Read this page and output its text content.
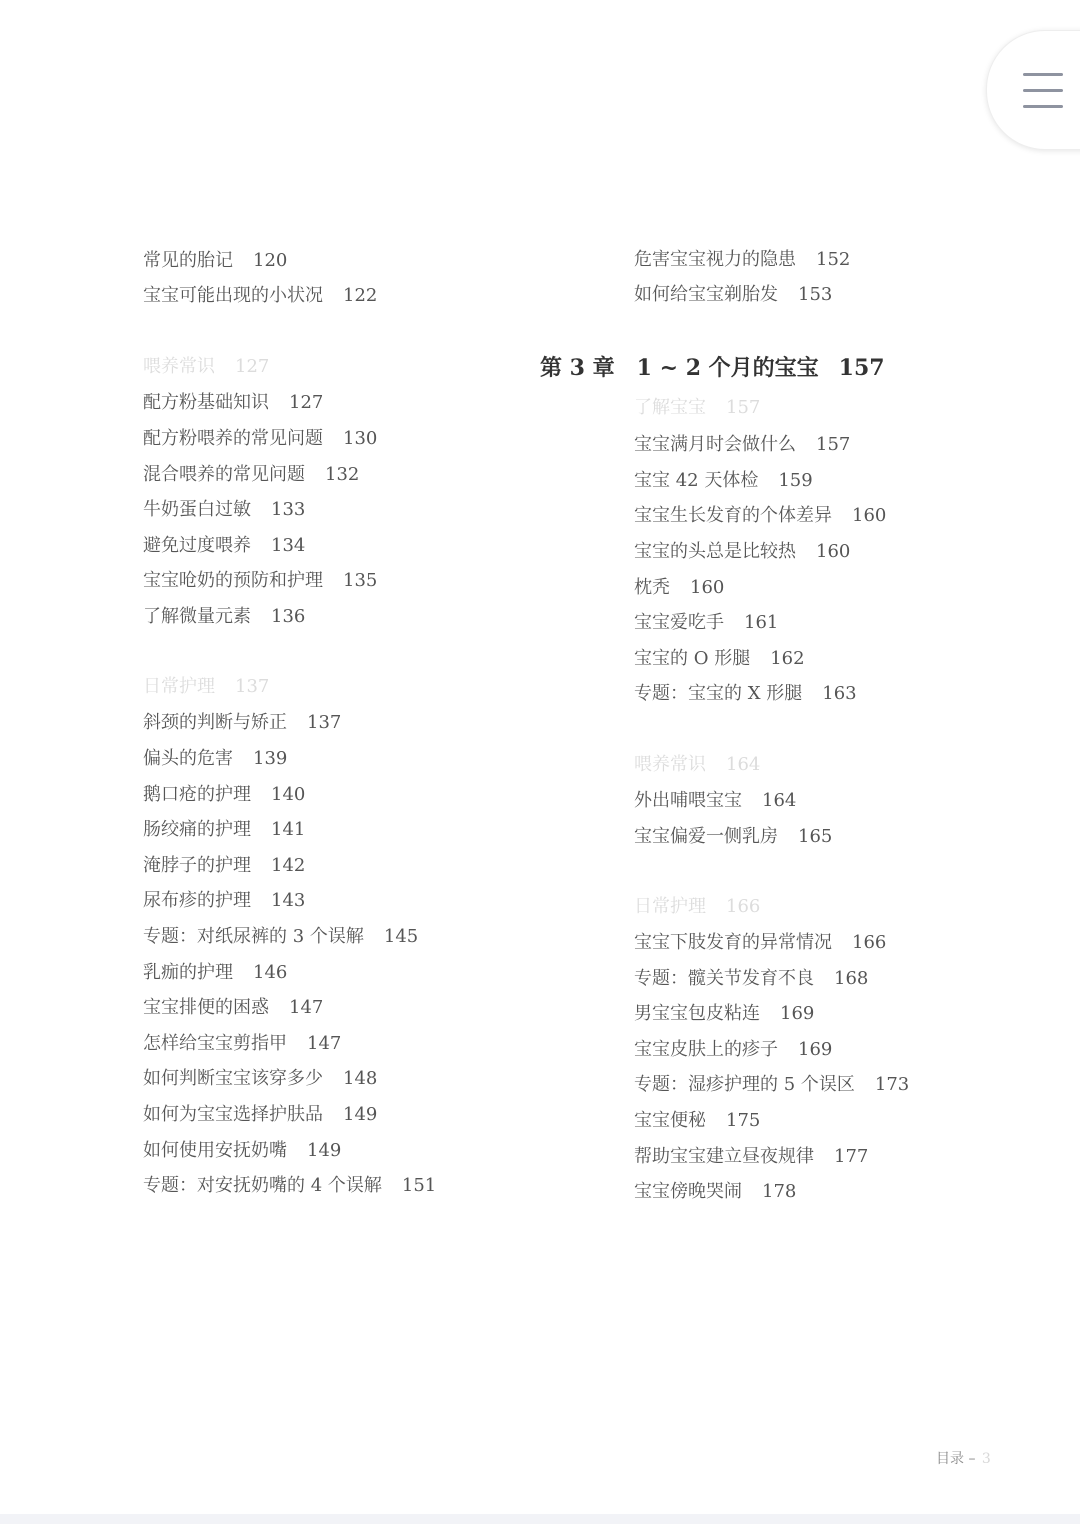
常见的胎记 120
宝宝可能出现的小状况 122
喂养常识 127
配方粉基础知识 127
配方粉喂养的常见问题 130
混合喂养的常见问题 132
牛奶蛋白过敏 133
避免过度喂养 134
宝宝呛奶的预防和护理 135
了解微量元素 136
日常护理 137
斜颈的判断与矫正 137
偏头的危害 139
鹅口疮的护理 140
肠绞痛的护理 141
淹脖子的护理 142
尿布疹的护理 143
专题：对纸尿裤的 3 个误解 145
乳痂的护理 146
宝宝排便的困惑 147
怎样给宝宝剪指甲 147
如何判断宝宝该穿多少 148
如何为宝宝选择护肤品 149
如何使用安抚奶嘴 149
专题：对安抚奶嘴的 4 个误解 151
第 3 章 1 ~ 2 个月的宝宝 157
危害宝宝视力的隐患 152
如何给宝宝剃胎发 153
了解宝宝 157
宝宝满月时会做什么 157
宝宝 42 天体检 159
宝宝生长发育的个体差异 160
宝宝的头总是比较热 160
枕秃 160
宝宝爱吃手 161
宝宝的 O 形腿 162
专题：宝宝的 X 形腿 163
喂养常识 164
外出哺喂宝宝 164
宝宝偏爱一侧乳房 165
日常护理 166
宝宝下肢发育的异常情况 166
专题：髋关节发育不良 168
男宝宝包皮粘连 169
宝宝皮肤上的疹子 169
专题：湿疹护理的 5 个误区 173
宝宝便秘 175
帮助宝宝建立昼夜规律 177
宝宝傍晚哭闹 178
目录 – 3
